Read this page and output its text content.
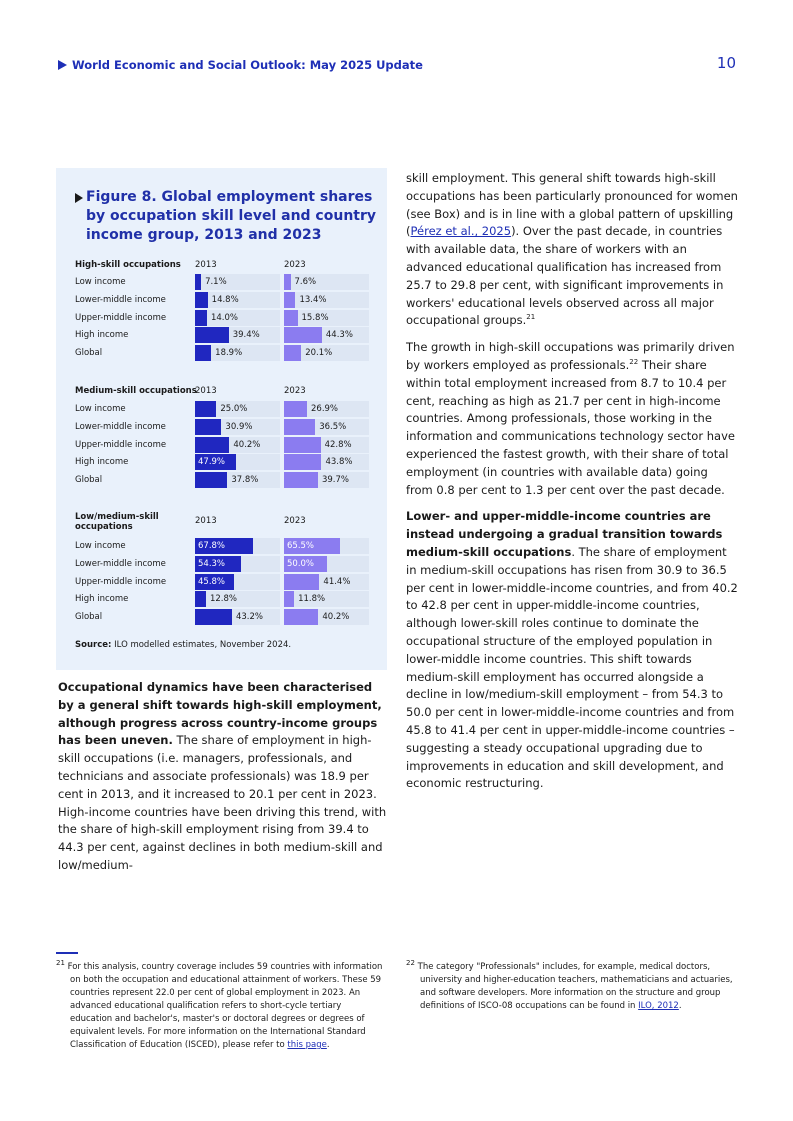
World Economic and Social Outlook: May 2025 Update	10
Figure 8. Global employment shares by occupation skill level and country income group, 2013 and 2023
Source: ILO modelled estimates, November 2024.
High-skill occupations 2013	2023
Low income	7.1%	7.6%
Lower-middle income	14.8%	13.4%
Upper-middle income	14.0%	15.8%
High income	39.4%	44.3%
Global	18.9%	20.1%
Medium-skill occupations
2013	2023
Low income	25.0%	26.9%
Lower-middle income	30.9%	36.5%
Upper-middle income	40.2%	42.8%
High income	47.9%	43.8%
Global	37.8%	39.7%
Low/medium-skill occupations
2013	2023
Low income	67.8%	65.5%
Lower-middle income	54.3%	50.0%
Upper-middle income	45.8%	41.4%
High income	12.8%	11.8%
Global	43.2%	40.2%

Occupational dynamics have been characterised by a general shift towards high-skill employment, although progress across country-income groups has been uneven. The share of employment in high-skill occupations (i.e. managers, professionals, and technicians and associate professionals) was 18.9 per cent in 2013, and it increased to 20.1 per cent in 2023. High-income countries have been driving this trend, with the share of high-skill employment rising from 39.4 to 44.3 per cent, against declines in both medium-skill and low/medium-

skill employment. This general shift towards high-skill occupations has been particularly pronounced for women (see Box) and is in line with a global pattern of upskilling (Pérez et al., 2025). Over the past decade, in countries with available data, the share of workers with an advanced educational qualification has increased from 25.7 to 29.8 per cent, with significant improvements in workers' educational levels observed across all major occupational groups.$^{21}$

The growth in high-skill occupations was primarily driven by workers employed as professionals.$^{22}$ Their share within total employment increased from 8.7 to 10.4 per cent, reaching as high as 21.7 per cent in high-income countries. Among professionals, those working in the information and communications technology sector have experienced the fastest growth, with their share of total employment (in countries with available data) going from 0.8 per cent to 1.3 per cent over the past decade.

Lower- and upper-middle-income countries are instead undergoing a gradual transition towards medium-skill occupations. The share of employment in medium-skill occupations has risen from 30.9 to 36.5 per cent in lower-middle-income countries, and from 40.2 to 42.8 per cent in upper-middle-income countries, although lower-skill roles continue to dominate the occupational structure of the employed population in lower-middle income countries. This shift towards medium-skill employment has occurred alongside a decline in low/medium-skill employment – from 54.3 to 50.0 per cent in lower-middle-income countries and from 45.8 to 41.4 per cent in upper-middle-income countries – suggesting a steady occupational upgrading due to improvements in education and skill development, and economic restructuring.

$^{21}$ For this analysis, country coverage includes 59 countries with information on both the occupation and educational attainment of workers. These 59 countries represent 22.0 per cent of global employment in 2023. An advanced educational qualification refers to short-cycle tertiary education and bachelor's, master's or doctoral degrees or degrees of equivalent levels. For more information on the International Standard Classification of Education (ISCED), please refer to this page.

$^{22}$ The category "Professionals" includes, for example, medical doctors, university and higher-education teachers, mathematicians and actuaries, and software developers. More information on the structure and group definitions of ISCO-08 occupations can be found in ILO, 2012.
